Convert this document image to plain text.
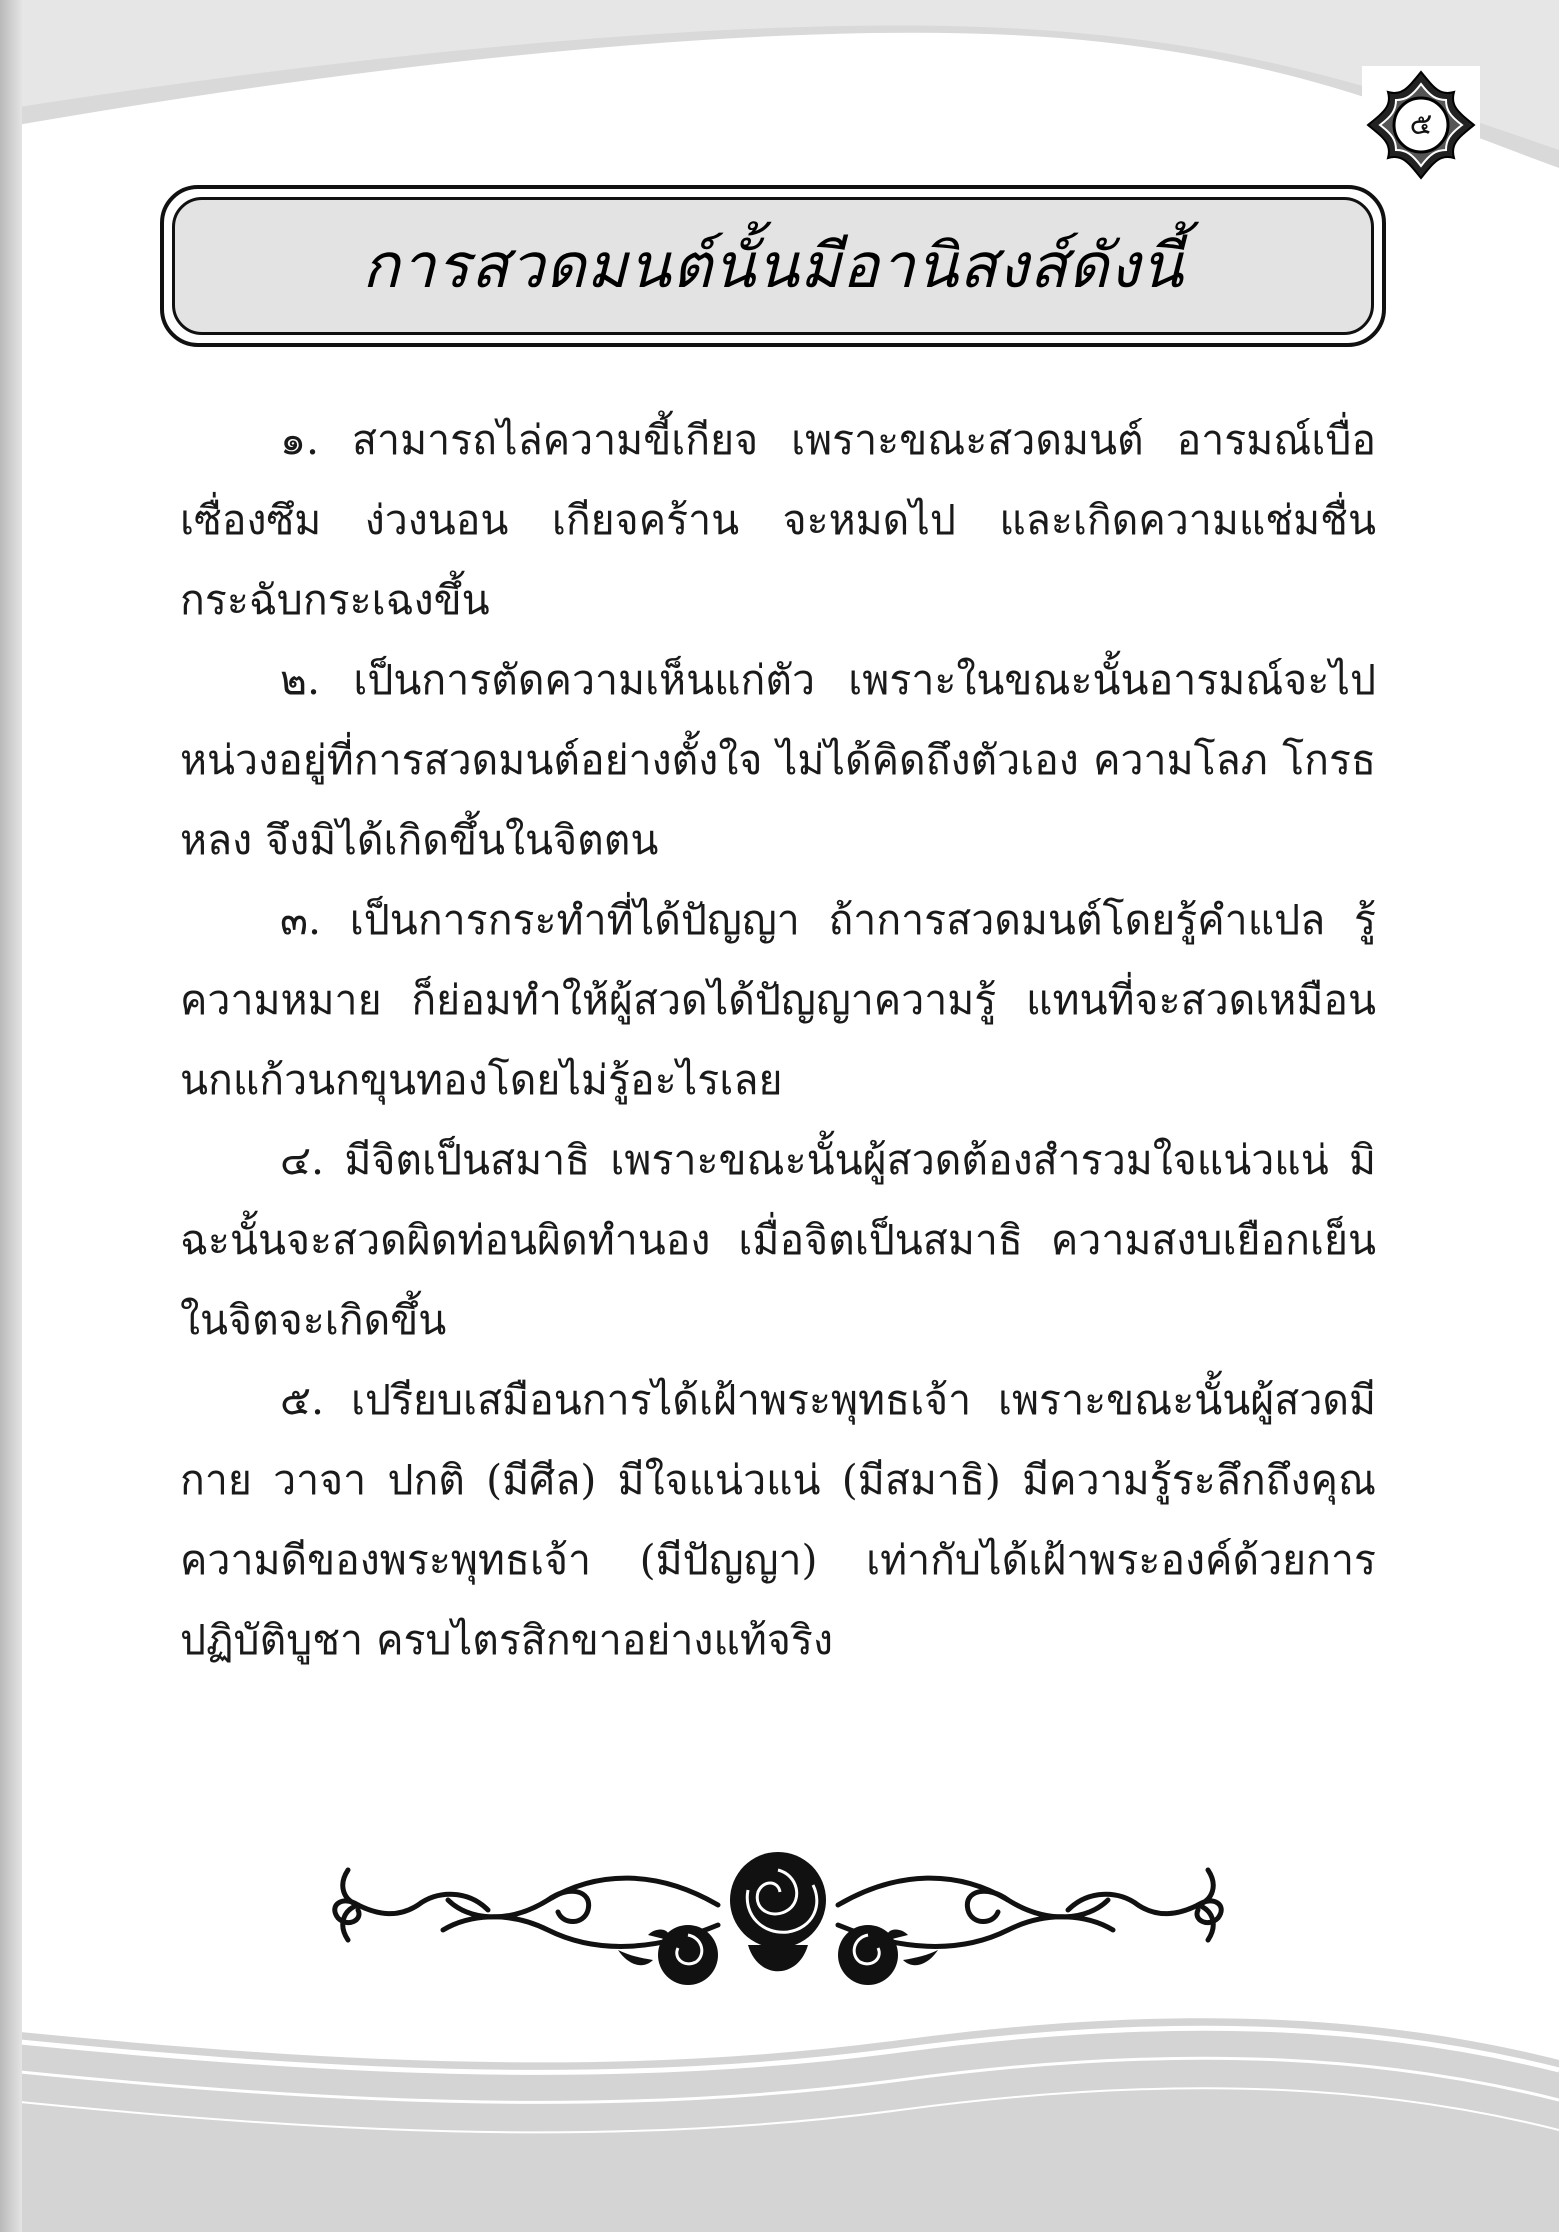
๕
การสวดมนต์นั้นมีอานิสงส์ดังนี้

๑. สามารถไล่ความขี้เกียจ เพราะขณะสวดมนต์ อารมณ์เบื่อเซื่องซึม ง่วงนอน เกียจคร้าน จะหมดไป และเกิดความแช่มชื่นกระฉับกระเฉงขึ้น

๒. เป็นการตัดความเห็นแก่ตัว เพราะในขณะนั้นอารมณ์จะไปหน่วงอยู่ที่การสวดมนต์อย่างตั้งใจ ไม่ได้คิดถึงตัวเอง ความโลภ โกรธ หลง จึงมิได้เกิดขึ้นในจิตตน

๓. เป็นการกระทำที่ได้ปัญญา ถ้าการสวดมนต์โดยรู้คำแปล รู้ความหมาย ก็ย่อมทำให้ผู้สวดได้ปัญญาความรู้ แทนที่จะสวดเหมือนนกแก้วนกขุนทองโดยไม่รู้อะไรเลย

๔. มีจิตเป็นสมาธิ เพราะขณะนั้นผู้สวดต้องสำรวมใจแน่วแน่ มิฉะนั้นจะสวดผิดท่อนผิดทำนอง เมื่อจิตเป็นสมาธิ ความสงบเยือกเย็นในจิตจะเกิดขึ้น

๕. เปรียบเสมือนการได้เฝ้าพระพุทธเจ้า เพราะขณะนั้นผู้สวดมี กาย วาจา ปกติ (มีศีล) มีใจแน่วแน่ (มีสมาธิ) มีความรู้ระลึกถึงคุณความดีของพระพุทธเจ้า (มีปัญญา) เท่ากับได้เฝ้าพระองค์ด้วยการปฏิบัติบูชา ครบไตรสิกขาอย่างแท้จริง
